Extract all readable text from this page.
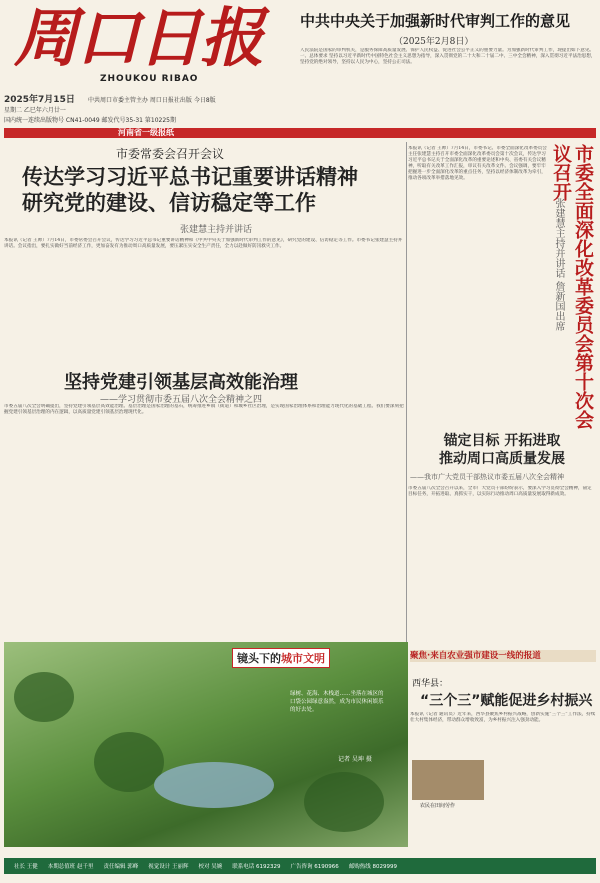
周口日报
ZHOUKOU RIBAO
中共中央关于加强新时代审判工作的意见
（2025年2月8日）
人民法院是国家的审判机关，是服务保障高质量发展、保护人民权益、促进社会公平正义的重要力量。为加强新时代审判工作，现提出如下意见。一、总体要求 坚持以习近平新时代中国特色社会主义思想为指导，深入贯彻党的二十大和二十届二中、三中全会精神，深入贯彻习近平法治思想，坚持党的绝对领导，坚持以人民为中心，坚持公正司法。
2025年7月15日 中共周口市委主管主办 周口日报社出版 今日8版
星期二 乙巳年六月廿一
国内统一连续出版物号 CN41-0049 邮发代号35-31 第10225期
河南省一级报纸
市委常委会召开会议
传达学习习近平总书记重要讲话精神
研究党的建设、信访稳定等工作
张建慧主持并讲话
本报讯（记者 王帅）7月14日，市委常委会召开会议，传达学习习近平总书记重要讲话精神和《中共中央关于加强新时代审判工作的意见》，研究党的建设、信访稳定等工作。市委书记张建慧主持并讲话。会议指出，要扎实做好当前经济工作，更加奋发有为推动周口高质量发展，要压紧压实安全生产责任，全力以赴做好防汛救灾工作。
坚持党建引领基层高效能治理
——学习贯彻市委五届八次全会精神之四
市委五届八次全会明确提出，坚持党建引领基层高效能治理。基层治理是国家治理的基石，统筹推进乡镇（街道）和城乡社区治理，是实现国家治理体系和治理能力现代化的基础工程。我们要深刻把握党建引领基层治理的内在逻辑，以高质量党建引领基层治理现代化。	市委全面深化改革委员会第十次会议召开
张建慧主持并讲话 詹新国出席
本报讯（记者 王帅）7月14日，市委书记、市委全面深化改革委员会主任张建慧主持召开市委全面深化改革委员会第十次会议，传达学习习近平总书记关于全面深化改革的重要论述和中央、省委有关会议精神，听取有关改革工作汇报，审议有关改革文件。会议强调，要牢牢把握进一步全面深化改革的重点任务，坚持以经济体制改革为牵引，推动各项改革举措落地见效。
锚定目标 开拓进取
推动周口高质量发展
——我市广大党员干部热议市委五届八次全会精神
市委五届八次全会召开以来，全市广大党员干部纷纷表示，要深入学习贯彻全会精神，锚定目标任务，开拓进取、真抓实干，以实际行动推动周口高质量发展取得新成效。
镜头下的城市文明
绿树、花海、木栈道……坐落在城区的口袋公园绿意盎然，成为市民休闲娱乐的好去处。
记者 吴坤 摄
聚焦·来自农业强市建设一线的报道
西华县：
“三个三”赋能促进乡村振兴
本报讯（记者 通讯员）近年来，西华县聚焦乡村振兴战略，创新实施“三个三”工作法，持续壮大村集体经济，带动群众增收致富，为乡村振兴注入强劲动能。
农民在田间劳作
社长 王健 本期总值班 赵千里 责任编辑 郭峰 视觉设计 王丽辉 校对 吴婉 联系电话 6192329 广告咨询 6190966 邮购热线 8029999
